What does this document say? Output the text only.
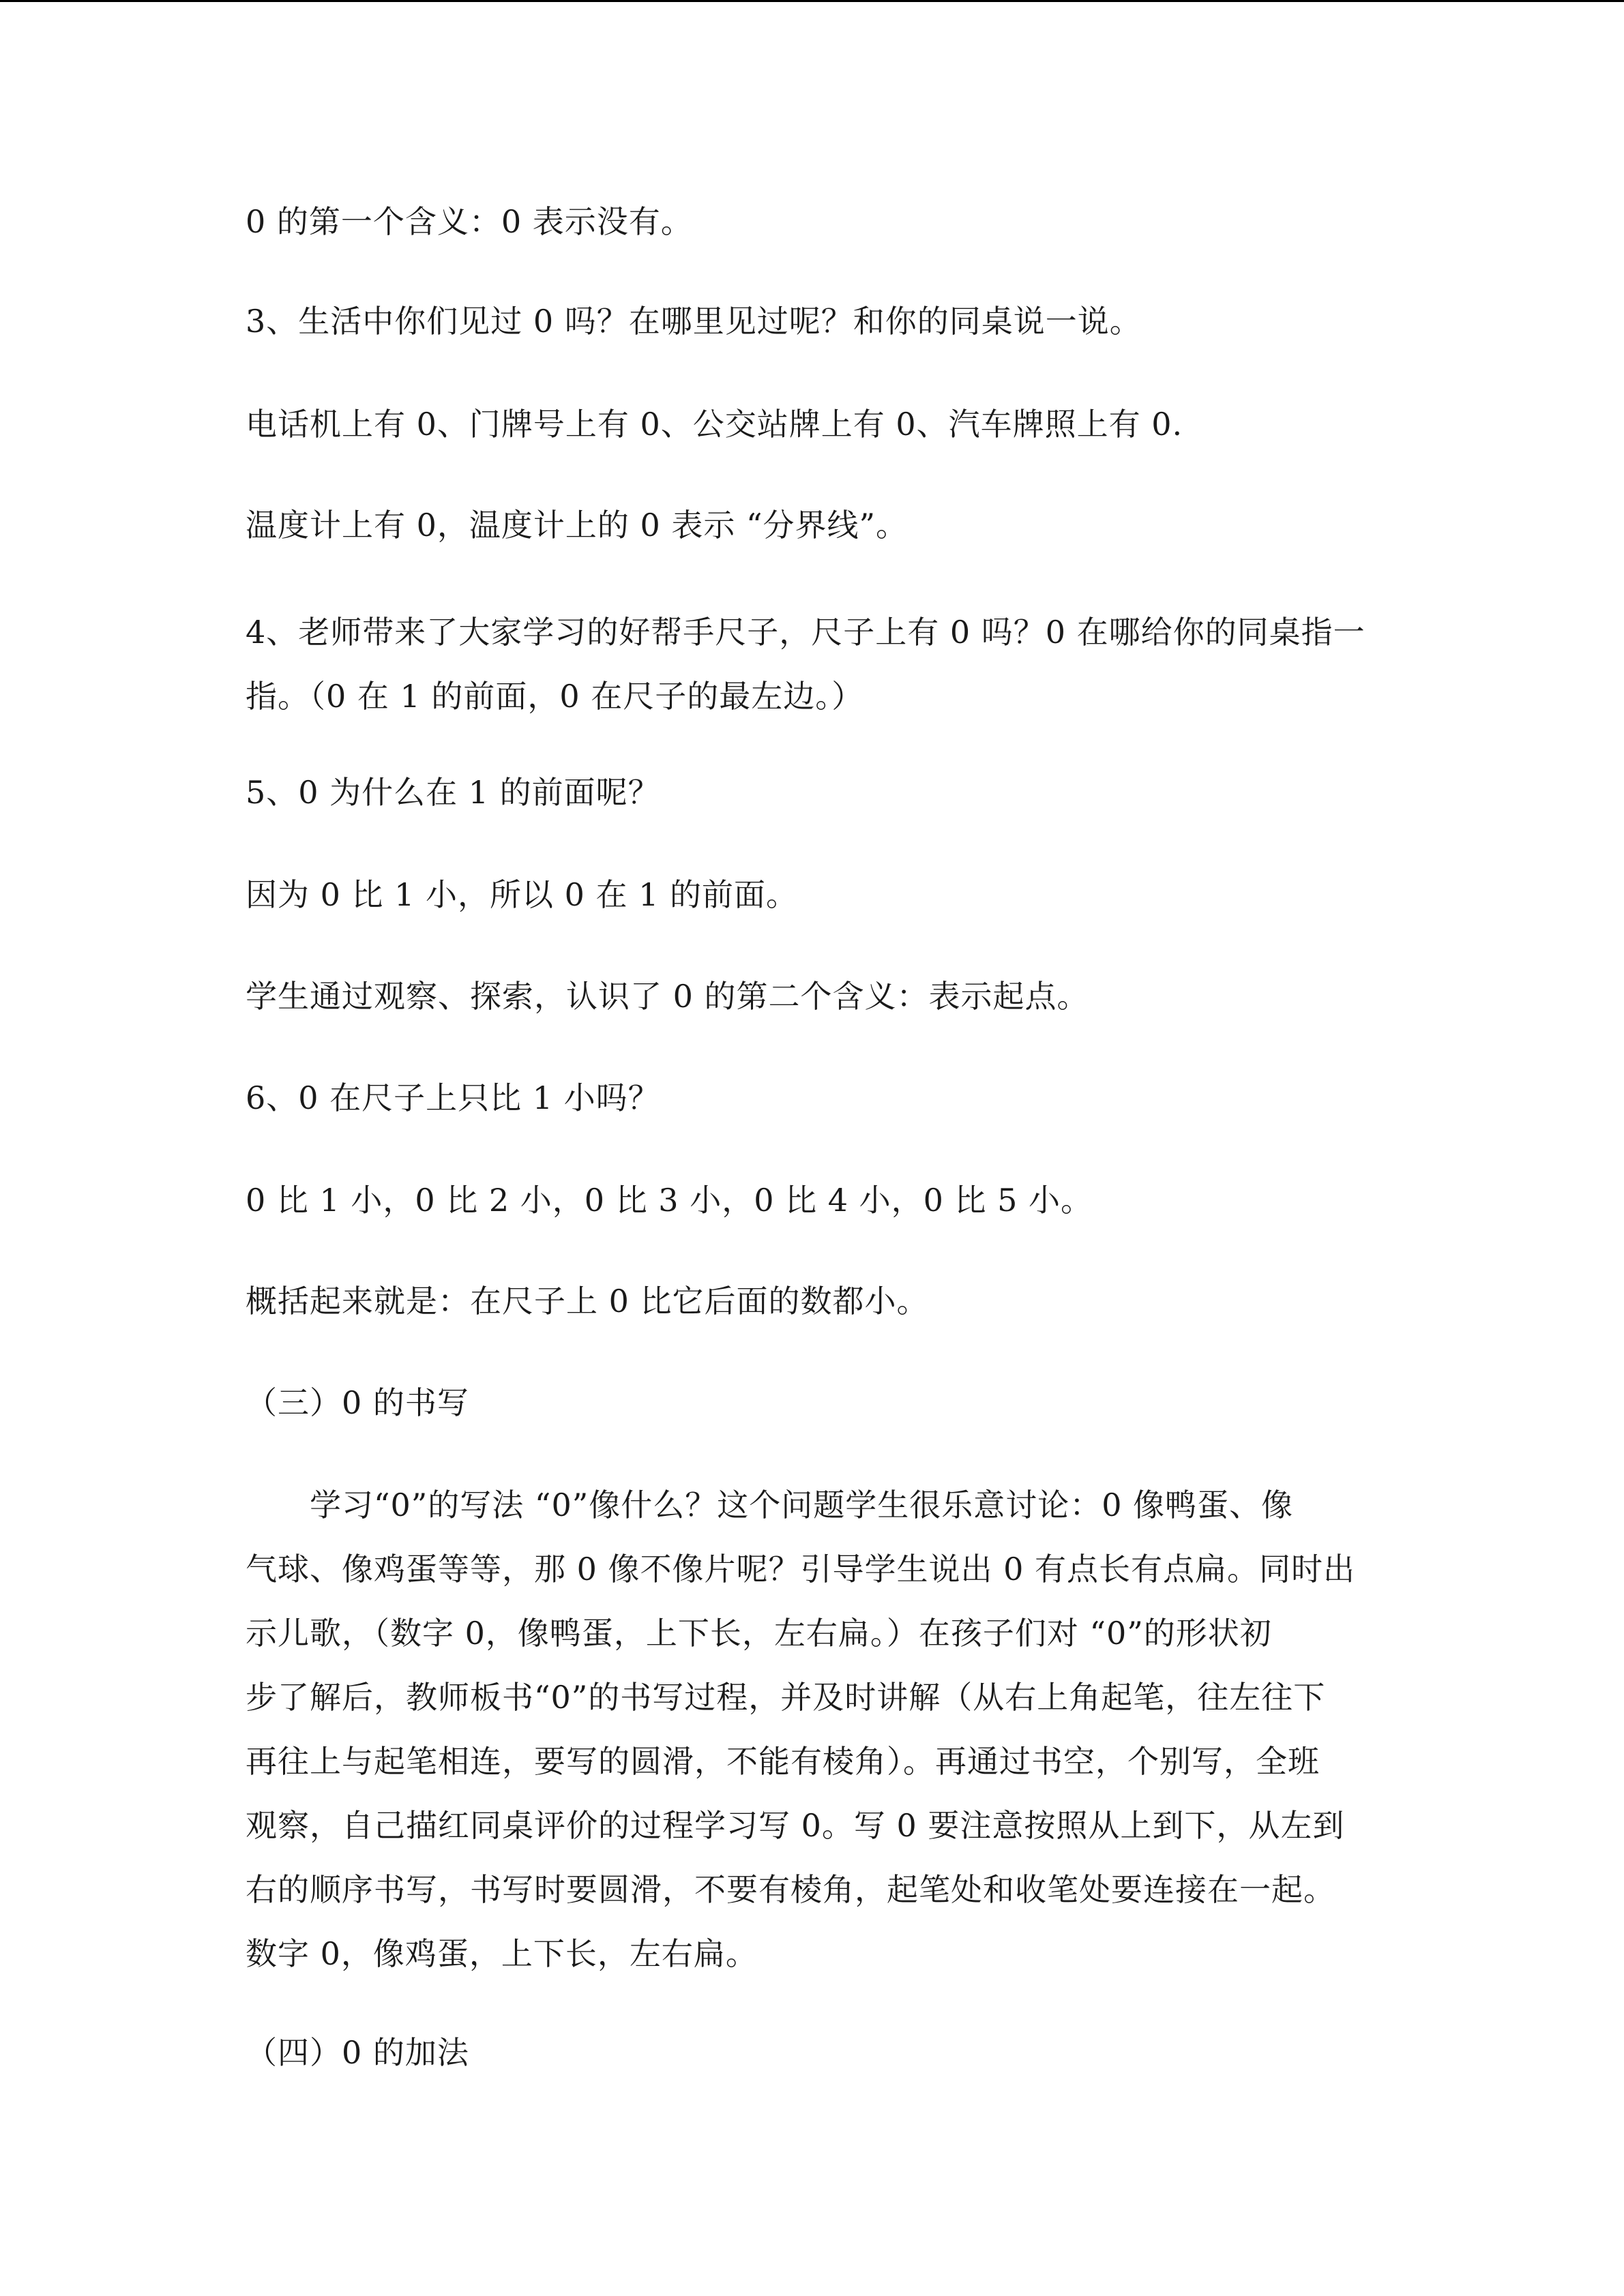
0 的第一个含义：0 表示没有。
3、生活中你们见过 0 吗？在哪里见过呢？和你的同桌说一说。
电话机上有 0、门牌号上有 0、公交站牌上有 0、汽车牌照上有 0.
温度计上有 0，温度计上的 0 表示 “分界线”。
4、老师带来了大家学习的好帮手尺子，尺子上有 0 吗？0 在哪给你的同桌指一
指。（0 在 1 的前面，0 在尺子的最左边。）
5、0 为什么在 1 的前面呢？
因为 0 比 1 小，所以 0 在 1 的前面。
学生通过观察、探索，认识了 0 的第二个含义：表示起点。
6、0 在尺子上只比 1 小吗？
0 比 1 小，0 比 2 小，0 比 3 小，0 比 4 小，0 比 5 小。
概括起来就是：在尺子上 0 比它后面的数都小。
（三）0 的书写
　　学习“0”的写法 “0”像什么？这个问题学生很乐意讨论：0 像鸭蛋、像
气球、像鸡蛋等等，那 0 像不像片呢？引导学生说出 0 有点长有点扁。同时出
示儿歌，（数字 0，像鸭蛋，上下长，左右扁。）在孩子们对 “0”的形状初
步了解后，教师板书“0”的书写过程，并及时讲解（从右上角起笔，往左往下
再往上与起笔相连，要写的圆滑，不能有棱角）。再通过书空，个别写，全班
观察，自己描红同桌评价的过程学习写 0。写 0 要注意按照从上到下，从左到
右的顺序书写，书写时要圆滑，不要有棱角，起笔处和收笔处要连接在一起。
数字 0，像鸡蛋，上下长，左右扁。
（四）0 的加法
